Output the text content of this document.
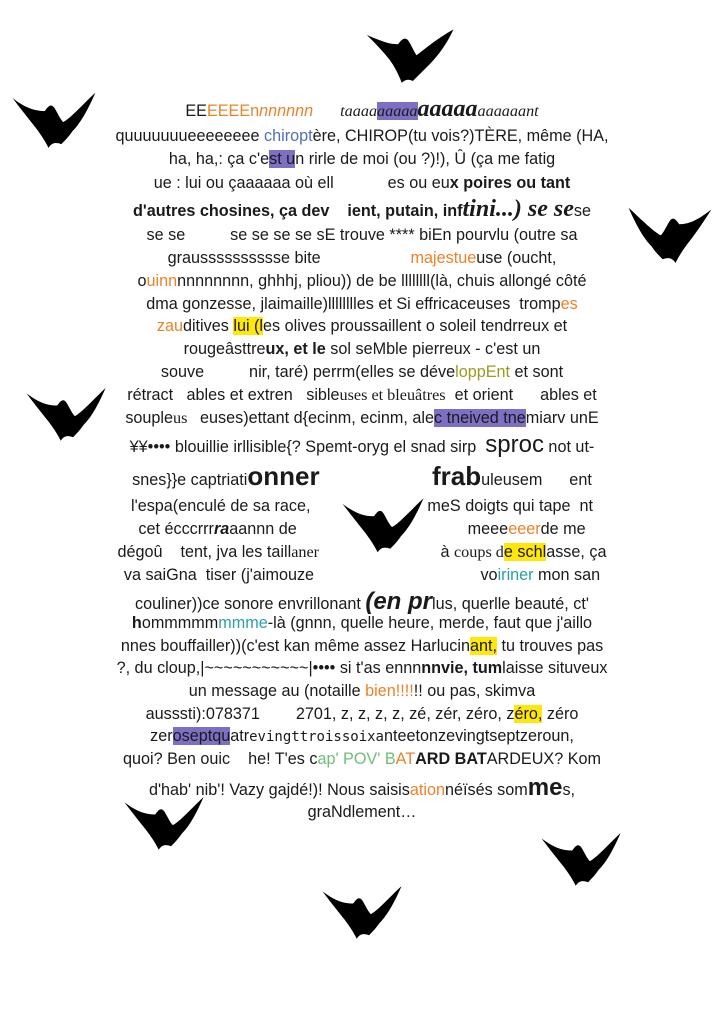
EEEEEEnnnnnnn taaaaaaaaaaaaaaaaaaaant
quuuuuuueeeeeeee chiroptère, CHIROP(tu vois?)TÈRE, même (HA,
ha, ha,: ça c'est un rirle de moi (ou ?)!), Û (ça me fatig
ue : lui ou çaaaaaa où ell            es ou eux poires ou tant
d'autres chosines, ça dev    ient, putain, inftini...) se sese
se se          se se se se sE trouve **** biEn pourvlu (outre sa
grausssssssssse bite                    majestueuse (oucht,
ouinnnnnnnnnn, ghhhj, pliou)) de be llllllll(là, chuis allongé côté
dma gonzesse, jlaimaille)lllllllles et Si effricaceuses  trompes
zauditives lui (les olives proussaillent o soleil tendrreux et
rougeâsttreux, et le sol seMble pierreux - c'est un
souve          nir, taré) perrm(elles se développEnt et sont
rétract   ables et extren   sibleuses et bleuâtres  et orient      ables et
soupleus   euses)ettant d{ecinm, ecinm, alec tneived tnemiarv unE
¥¥•••• blouillie irllisible{? Spemt-oryg el snad sirp  sproc not ut-
snes}}e captriationner	frabuleusem      ent
l'espa(enculé de sa race,                          meS doigts qui tape  nt
cet écccrrrraaannn de                                      meeeeeerde me
dégoû    tent, jva les taillaner                           à coups de schlasse, ça
va saiGna  tiser (j'aimouze                                     voiriner mon san
couliner))ce sonore envrillonant (en prlus, querlle beauté, ct'
hommmmmmmme-là (gnnn, quelle heure, merde, faut que j'aillo
nnes bouffailler))(c'est kan même assez Harlucinant, tu trouves pas
?, du cloup,|~~~~~~~~~~~|•••• si t'as ennnnnvie, tumlaisse situveux
un message au (notaille bien!!!!!! ou pas, skimva
ausssti):078371        2701, z, z, z, z, zé, zér, zéro, zéro, zéro
zeroseptquatrevingttroissoixanteetonzevingtseptzeroun,
quoi? Ben ouic    he! T'es cap' POV' BATARD BATARDEUX? Kom
d'hab' nib'! Vazy gajdé!)! Nous saisisationnéïsés sommes,
graNdlement…
